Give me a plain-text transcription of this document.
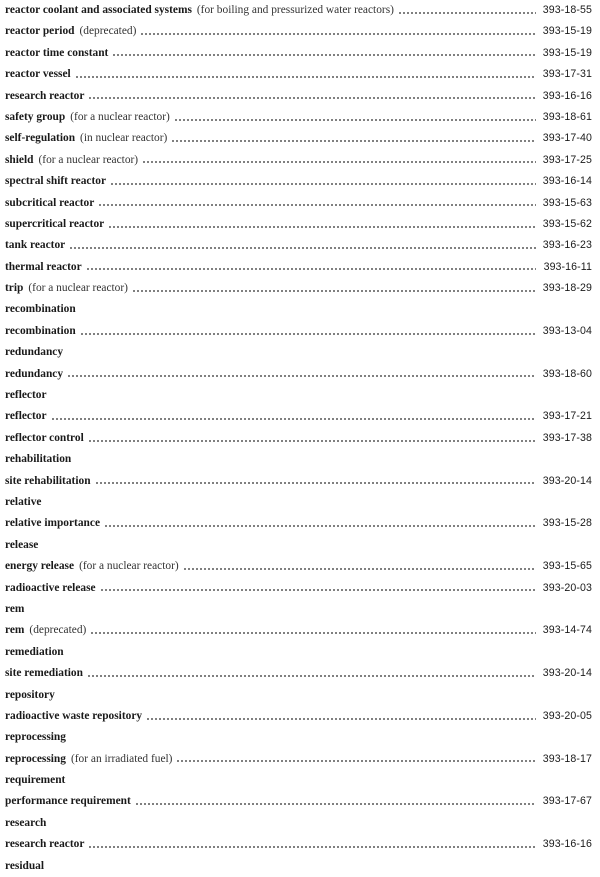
reactor coolant and associated systems (for boiling and pressurized water reactors)	393-18-55
reactor period (deprecated)	393-15-19
reactor time constant	393-15-19
reactor vessel	393-17-31
research reactor	393-16-16
safety group (for a nuclear reactor)	393-18-61
self-regulation (in nuclear reactor)	393-17-40
shield (for a nuclear reactor)	393-17-25
spectral shift reactor	393-16-14
subcritical reactor	393-15-63
supercritical reactor	393-15-62
tank reactor	393-16-23
thermal reactor	393-16-11
trip (for a nuclear reactor)	393-18-29
recombination
recombination	393-13-04
redundancy
redundancy	393-18-60
reflector
reflector	393-17-21
reflector control	393-17-38
rehabilitation
site rehabilitation	393-20-14
relative
relative importance	393-15-28
release
energy release (for a nuclear reactor)	393-15-65
radioactive release	393-20-03
rem
rem (deprecated)	393-14-74
remediation
site remediation	393-20-14
repository
radioactive waste repository	393-20-05
reprocessing
reprocessing (for an irradiated fuel)	393-18-17
requirement
performance requirement	393-17-67
research
research reactor	393-16-16
residual
